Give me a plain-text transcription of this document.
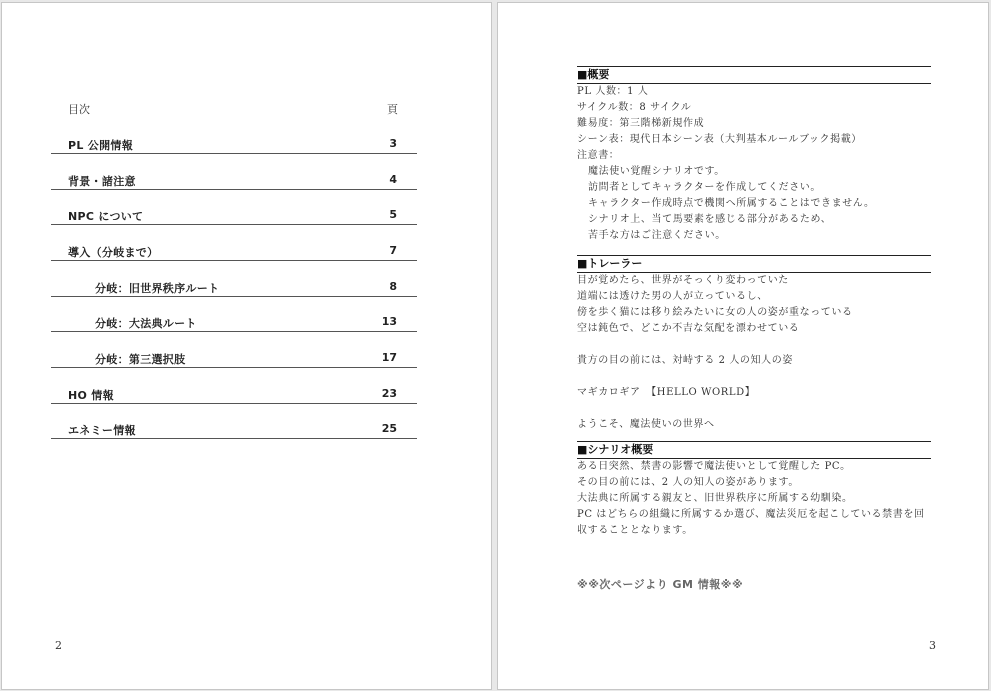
目次	頁
PL 公開情報	3
背景・諸注意	4
NPC について	5
導入（分岐まで）	7
分岐：旧世界秩序ルート	8
分岐：大法典ルート	13
分岐：第三選択肢	17
HO 情報	23
エネミー情報	25
2
■概要
PL 人数：1 人
サイクル数：8 サイクル
難易度：第三階梯新規作成
シーン表：現代日本シーン表（大判基本ルールブック掲載）
注意書：
魔法使い覚醒シナリオです。
訪問者としてキャラクターを作成してください。
キャラクター作成時点で機関へ所属することはできません。
シナリオ上、当て馬要素を感じる部分があるため、
苦手な方はご注意ください。
■トレーラー
目が覚めたら、世界がそっくり変わっていた
道端には透けた男の人が立っているし、
傍を歩く猫には移り絵みたいに女の人の姿が重なっている
空は鈍色で、どこか不吉な気配を漂わせている
貴方の目の前には、対峙する 2 人の知人の姿
マギカロギア　【HELLO WORLD】
ようこそ、魔法使いの世界へ
■シナリオ概要
ある日突然、禁書の影響で魔法使いとして覚醒した PC。
その目の前には、2 人の知人の姿があります。
大法典に所属する親友と、旧世界秩序に所属する幼馴染。
PC はどちらの組織に所属するか選び、魔法災厄を起こしている禁書を回収することとなります。
※※次ページより GM 情報※※
3
